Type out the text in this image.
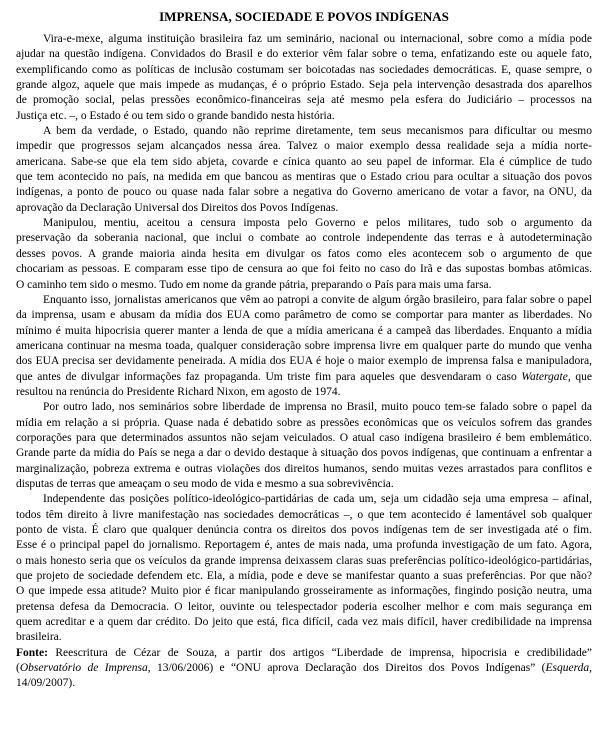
IMPRENSA, SOCIEDADE E POVOS INDÍGENAS
Vira-e-mexe, alguma instituição brasileira faz um seminário, nacional ou internacional, sobre como a mídia pode
ajudar na questão indígena. Convidados do Brasil e do exterior vêm falar sobre o tema, enfatizando este ou aquele fato,
exemplificando como as políticas de inclusão costumam ser boicotadas nas sociedades democráticas. E, quase sempre, o
grande algoz, aquele que mais impede as mudanças, é o próprio Estado. Seja pela intervenção desastrada dos aparelhos
de promoção social, pelas pressões econômico-financeiras seja até mesmo pela esfera do Judiciário – processos na
Justiça etc. –, o Estado é ou tem sido o grande bandido nesta história.
A bem da verdade, o Estado, quando não reprime diretamente, tem seus mecanismos para dificultar ou mesmo
impedir que progressos sejam alcançados nessa área. Talvez o maior exemplo dessa realidade seja a mídia norte-
americana. Sabe-se que ela tem sido abjeta, covarde e cínica quanto ao seu papel de informar. Ela é cúmplice de tudo
que tem acontecido no país, na medida em que bancou as mentiras que o Estado criou para ocultar a situação dos povos
indígenas, a ponto de pouco ou quase nada falar sobre a negativa do Governo americano de votar a favor, na ONU, da
aprovação da Declaração Universal dos Direitos dos Povos Indígenas.
Manipulou, mentiu, aceitou a censura imposta pelo Governo e pelos militares, tudo sob o argumento da
preservação da soberania nacional, que inclui o combate ao controle independente das terras e à autodeterminação
desses povos. A grande maioria ainda hesita em divulgar os fatos como eles acontecem sob o argumento de que
chocariam as pessoas. E comparam esse tipo de censura ao que foi feito no caso do Irã e das supostas bombas atômicas.
O caminho tem sido o mesmo. Tudo em nome da grande pátria, preparando o País para mais uma farsa.
Enquanto isso, jornalistas americanos que vêm ao patropi a convite de algum órgão brasileiro, para falar sobre o papel
da imprensa, usam e abusam da mídia dos EUA como parâmetro de como se comportar para manter as liberdades. No
mínimo é muita hipocrisia querer manter a lenda de que a mídia americana é a campeã das liberdades. Enquanto a mídia
americana continuar na mesma toada, qualquer consideração sobre imprensa livre em qualquer parte do mundo que venha
dos EUA precisa ser devidamente peneirada. A mídia dos EUA é hoje o maior exemplo de imprensa falsa e manipuladora,
que antes de divulgar informações faz propaganda. Um triste fim para aqueles que desvendaram o caso Watergate, que
resultou na renúncia do Presidente Richard Nixon, em agosto de 1974.
Por outro lado, nos seminários sobre liberdade de imprensa no Brasil, muito pouco tem-se falado sobre o papel da
mídia em relação a si própria. Quase nada é debatido sobre as pressões econômicas que os veículos sofrem das grandes
corporações para que determinados assuntos não sejam veiculados. O atual caso indígena brasileiro é bem emblemático.
Grande parte da mídia do País se nega a dar o devido destaque à situação dos povos indígenas, que continuam a enfrentar a
marginalização, pobreza extrema e outras violações dos direitos humanos, sendo muitas vezes arrastados para conflitos e
disputas de terras que ameaçam o seu modo de vida e mesmo a sua sobrevivência.
Independente das posições político-ideológico-partidárias de cada um, seja um cidadão seja uma empresa – afinal,
todos têm direito à livre manifestação nas sociedades democráticas –, o que tem acontecido é lamentável sob qualquer
ponto de vista. É claro que qualquer denúncia contra os direitos dos povos indígenas tem de ser investigada até o fim.
Esse é o principal papel do jornalismo. Reportagem é, antes de mais nada, uma profunda investigação de um fato. Agora,
o mais honesto seria que os veículos da grande imprensa deixassem claras suas preferências político-ideológico-partidárias,
que projeto de sociedade defendem etc. Ela, a mídia, pode e deve se manifestar quanto a suas preferências. Por que não?
O que impede essa atitude? Muito pior é ficar manipulando grosseiramente as informações, fingindo posição neutra, uma
pretensa defesa da Democracia. O leitor, ouvinte ou telespectador poderia escolher melhor e com mais segurança em
quem acreditar e a quem dar crédito. Do jeito que está, fica difícil, cada vez mais difícil, haver credibilidade na imprensa
brasileira.
Fonte: Reescritura de Cézar de Souza, a partir dos artigos “Liberdade de imprensa, hipocrisia e credibilidade”
(Observatório de Imprensa, 13/06/2006) e “ONU aprova Declaração dos Direitos dos Povos Indígenas” (Esquerda,
14/09/2007).
